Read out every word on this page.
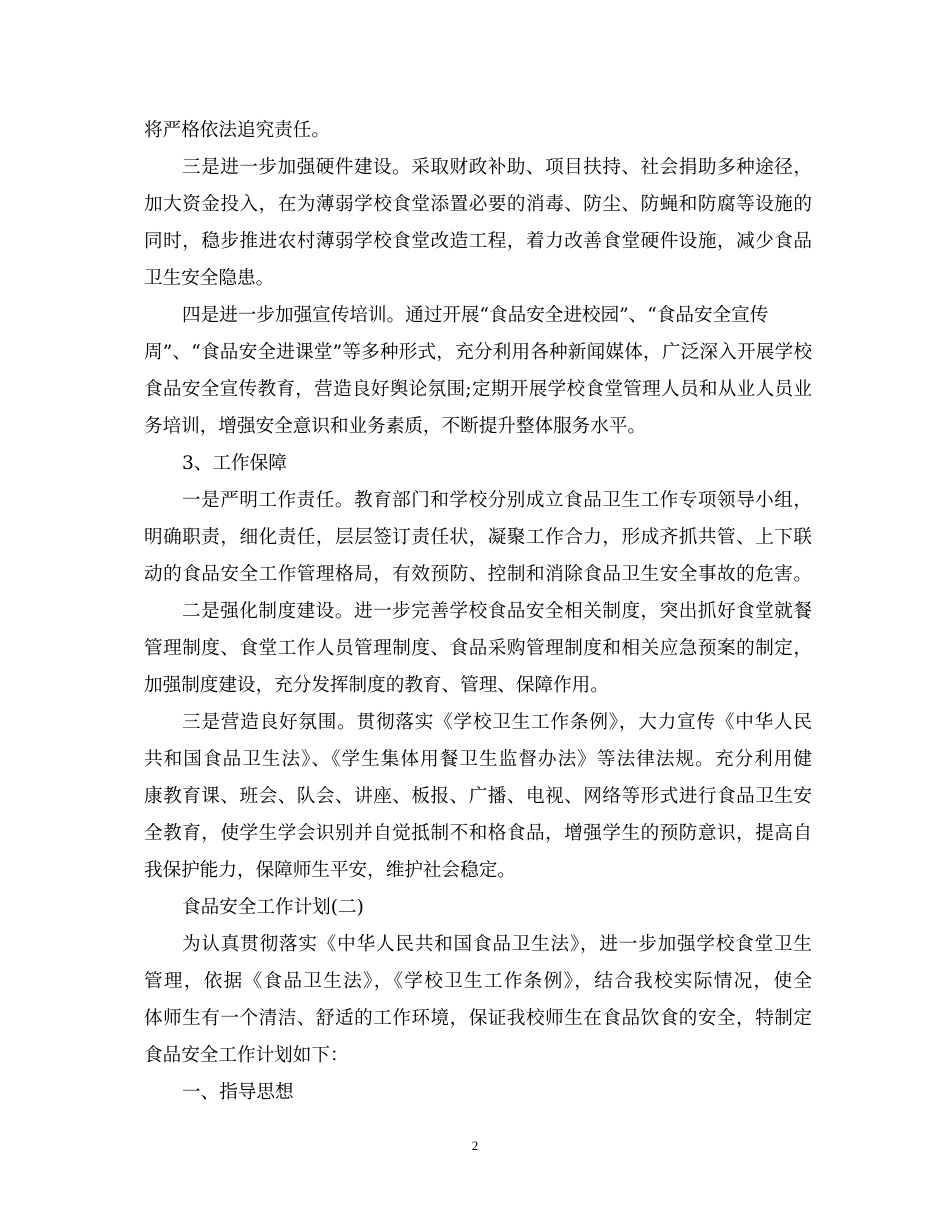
将严格依法追究责任。
三是进一步加强硬件建设。采取财政补助、项目扶持、社会捐助多种途径，
加大资金投入，在为薄弱学校食堂添置必要的消毒、防尘、防蝇和防腐等设施的
同时，稳步推进农村薄弱学校食堂改造工程，着力改善食堂硬件设施，减少食品
卫生安全隐患。
四是进一步加强宣传培训。通过开展“食品安全进校园”、“食品安全宣传
周”、“食品安全进课堂”等多种形式，充分利用各种新闻媒体，广泛深入开展学校
食品安全宣传教育，营造良好舆论氛围;定期开展学校食堂管理人员和从业人员业
务培训，增强安全意识和业务素质，不断提升整体服务水平。
3、工作保障
一是严明工作责任。教育部门和学校分别成立食品卫生工作专项领导小组，
明确职责，细化责任，层层签订责任状，凝聚工作合力，形成齐抓共管、上下联
动的食品安全工作管理格局，有效预防、控制和消除食品卫生安全事故的危害。
二是强化制度建设。进一步完善学校食品安全相关制度，突出抓好食堂就餐
管理制度、食堂工作人员管理制度、食品采购管理制度和相关应急预案的制定，
加强制度建设，充分发挥制度的教育、管理、保障作用。
三是营造良好氛围。贯彻落实《学校卫生工作条例》，大力宣传《中华人民
共和国食品卫生法》、《学生集体用餐卫生监督办法》等法律法规。充分利用健
康教育课、班会、队会、讲座、板报、广播、电视、网络等形式进行食品卫生安
全教育，使学生学会识别并自觉抵制不和格食品，增强学生的预防意识，提高自
我保护能力，保障师生平安，维护社会稳定。
食品安全工作计划(二)
为认真贯彻落实《中华人民共和国食品卫生法》，进一步加强学校食堂卫生
管理，依据《食品卫生法》，《学校卫生工作条例》，结合我校实际情况，使全
体师生有一个清洁、舒适的工作环境，保证我校师生在食品饮食的安全，特制定
食品安全工作计划如下：
一、指导思想
2
